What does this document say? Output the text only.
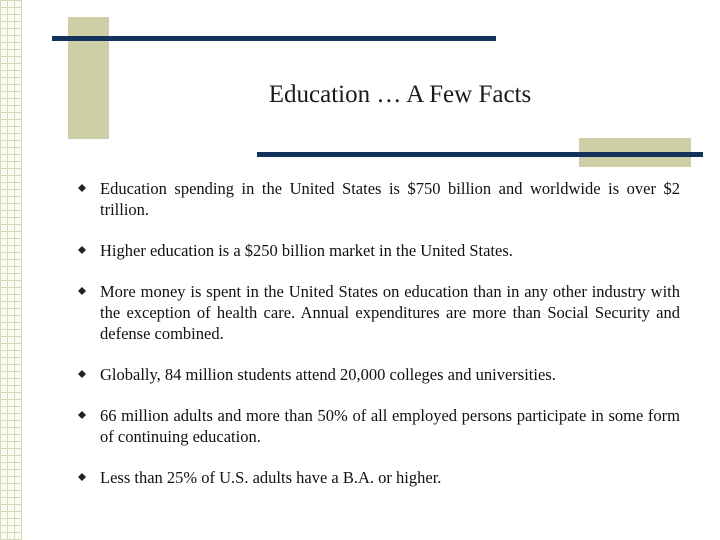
Education … A Few Facts
Education spending in the United States is $750 billion and worldwide is over $2 trillion.
Higher education is a $250 billion market in the United States.
More money is spent in the United States on education than in any other industry with the exception of health care. Annual expenditures are more than Social Security and defense combined.
Globally, 84 million students attend 20,000 colleges and universities.
66 million adults and more than 50% of all employed persons participate in some form of continuing education.
Less than 25% of U.S. adults have a B.A. or higher.
